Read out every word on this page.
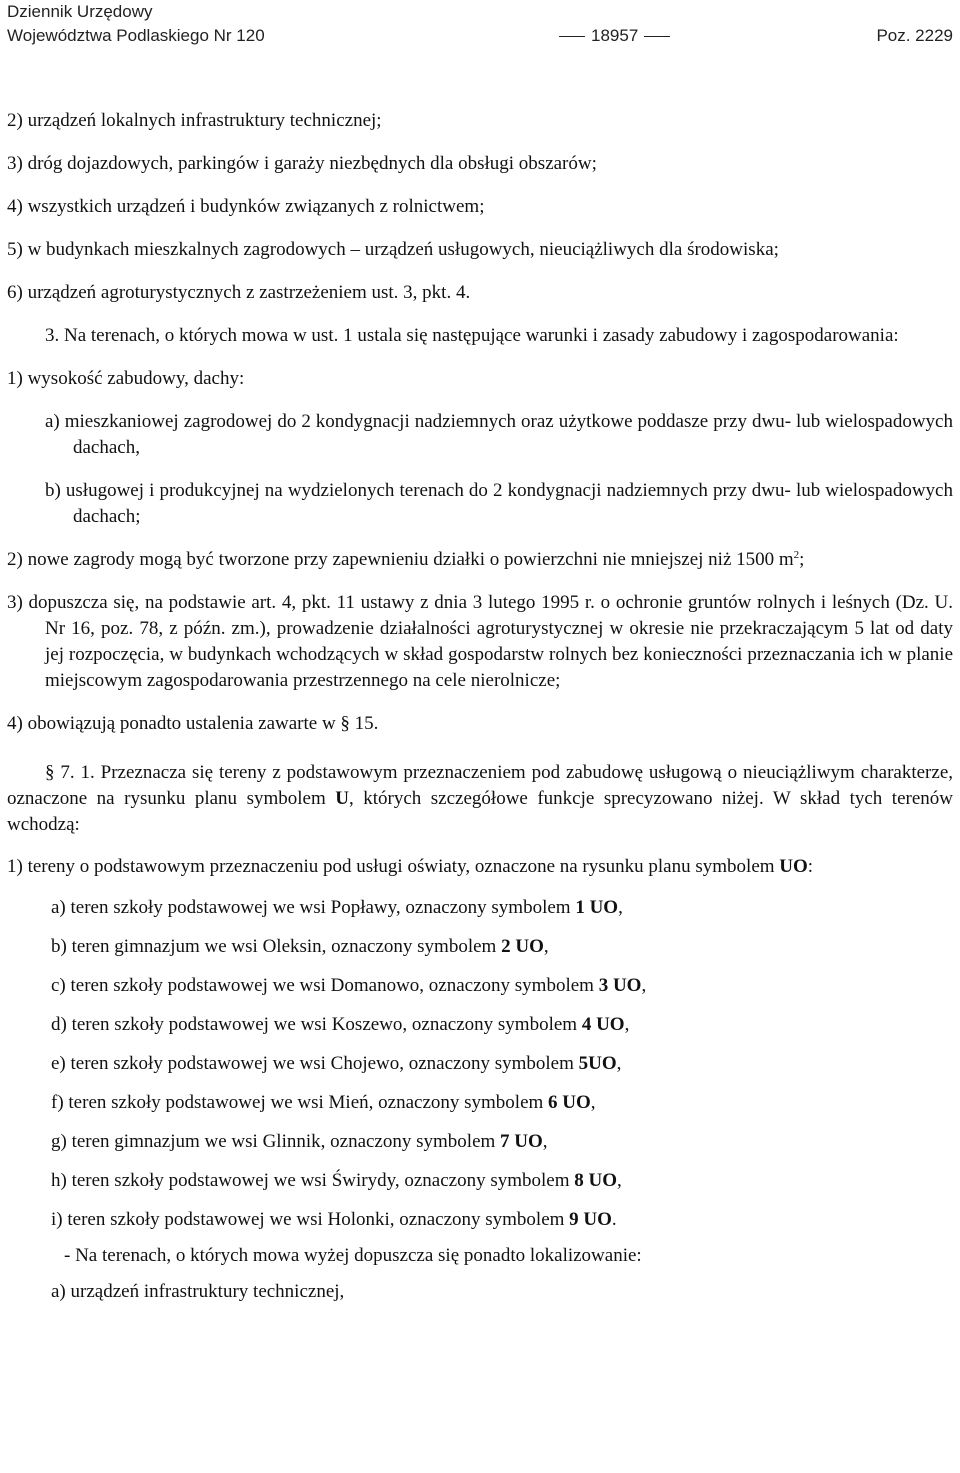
Dziennik Urzędowy
Województwa Podlaskiego Nr 120	18957	Poz. 2229

2) urządzeń lokalnych infrastruktury technicznej;

3) dróg dojazdowych, parkingów i garaży niezbędnych dla obsługi obszarów;

4) wszystkich urządzeń i budynków związanych z rolnictwem;

5) w budynkach mieszkalnych zagrodowych – urządzeń usługowych, nieuciążliwych dla środowiska;

6) urządzeń agroturystycznych z zastrzeżeniem ust. 3, pkt. 4.

3. Na terenach, o których mowa w ust. 1 ustala się następujące warunki i zasady zabudowy i zagospodarowania:

1) wysokość zabudowy, dachy:

a) mieszkaniowej zagrodowej do 2 kondygnacji nadziemnych oraz użytkowe poddasze przy dwu- lub wielospadowych dachach,

b) usługowej i produkcyjnej na wydzielonych terenach do 2 kondygnacji nadziemnych przy dwu- lub wielospadowych dachach;

2) nowe zagrody mogą być tworzone przy zapewnieniu działki o powierzchni nie mniejszej niż 1500 $m^2$;

3) dopuszcza się, na podstawie art. 4, pkt. 11 ustawy z dnia 3 lutego 1995 r. o ochronie gruntów rolnych i leśnych (Dz. U. Nr 16, poz. 78, z późn. zm.), prowadzenie działalności agroturystycznej w okresie nie przekraczającym 5 lat od daty jej rozpoczęcia, w budynkach wchodzących w skład gospodarstw rolnych bez konieczności przeznaczania ich w planie miejscowym zagospodarowania przestrzennego na cele nierolnicze;

4) obowiązują ponadto ustalenia zawarte w § 15.

§ 7. 1. Przeznacza się tereny z podstawowym przeznaczeniem pod zabudowę usługową o nieuciążliwym charakterze, oznaczone na rysunku planu symbolem U, których szczegółowe funkcje sprecyzowano niżej. W skład tych terenów wchodzą:

1) tereny o podstawowym przeznaczeniu pod usługi oświaty, oznaczone na rysunku planu symbolem UO:

a) teren szkoły podstawowej we wsi Popławy, oznaczony symbolem 1 UO,

b) teren gimnazjum we wsi Oleksin, oznaczony symbolem 2 UO,

c) teren szkoły podstawowej we wsi Domanowo, oznaczony symbolem 3 UO,

d) teren szkoły podstawowej we wsi Koszewo, oznaczony symbolem 4 UO,

e) teren szkoły podstawowej we wsi Chojewo, oznaczony symbolem 5UO,

f) teren szkoły podstawowej we wsi Mień, oznaczony symbolem 6 UO,

g) teren gimnazjum we wsi Glinnik, oznaczony symbolem 7 UO,

h) teren szkoły podstawowej we wsi Świrydy, oznaczony symbolem 8 UO,

i) teren szkoły podstawowej we wsi Holonki, oznaczony symbolem 9 UO.

- Na terenach, o których mowa wyżej dopuszcza się ponadto lokalizowanie:

a) urządzeń infrastruktury technicznej,
